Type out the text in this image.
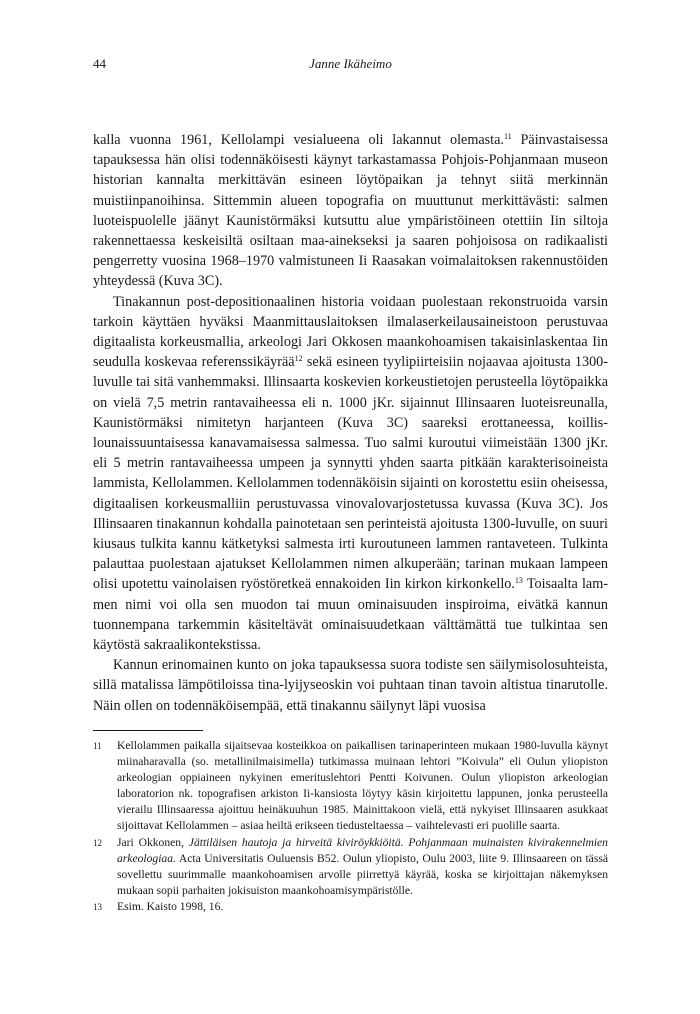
44	Janne Ikäheimo

kalla vuonna 1961, Kellolampi vesialueena oli lakannut olemasta.$^{11}$ Päinvastaisessa tapauksessa hän olisi todennäköisesti käynyt tarkastamassa Pohjois-Pohjanmaan museon historian kannalta merkittävän esineen löytöpaikan ja tehnyt siitä merkinnän muistiinpanoihinsa. Sittemmin alueen topografia on muuttunut merkittävästi: salmen luoteispuolelle jäänyt Kaunistörmäksi kutsuttu alue ympäristöineen otettiin Iin siltoja rakennettaessa keskeisiltä osiltaan maa-ainekseksi ja saaren pohjoisosa on radikaalisti pengerretty vuosina 1968–1970 valmistuneen Ii Raasakan voimalaitoksen rakennustöiden yhteydessä (Kuva 3C).

Tinakannun post-depositionaalinen historia voidaan puolestaan rekonstruoida varsin tarkoin käyttäen hyväksi Maanmittauslaitoksen ilmalaserkeilausaineistoon perustuvaa digitaalista korkeusmallia, arkeologi Jari Okkosen maankohoamisen takaisinlaskentaa Iin seudulla koskevaa referenssikäyrää$^{12}$ sekä esineen tyylipiirteisiin nojaavaa ajoitusta 1300-luvulle tai sitä vanhemmaksi. Illinsaarta koskevien korkeustietojen perusteella löytöpaikka on vielä 7,5 metrin rantavaiheessa eli n. 1000 jKr. sijainnut Illinsaaren luoteisreunalla, Kaunistörmäksi nimitetyn harjanteen (Kuva 3C) saareksi erottaneessa, koillis-lounaissuuntaisessa kanavamaisessa salmessa. Tuo salmi kuroutui viimeistään 1300 jKr. eli 5 metrin rantavaiheessa umpeen ja synnytti yhden saarta pitkään karakterisoineista lammista, Kellolammen. Kellolammen todennäköisin sijainti on korostettu esiin oheisessa, digitaalisen korkeusmalliin perustuvassa vinovalovarjostetussa kuvassa (Kuva 3C). Jos Illinsaaren tinakannun kohdalla painotetaan sen perinteistä ajoitusta 1300-luvulle, on suuri kiusaus tulkita kannu kätketyksi salmesta irti kuroutuneen lammen rantaveteen. Tulkinta palauttaa puolestaan ajatukset Kellolammen nimen alkuperään; tarinan mukaan lampeen olisi upotettu vainolaisen ryöstöretkeä ennakoiden Iin kirkon kirkonkello.$^{13}$ Toisaalta lammen nimi voi olla sen muodon tai muun ominaisuuden inspiroima, eivätkä kannun tuonnempana tarkemmin käsiteltävät ominaisuudetkaan välttämättä tue tulkintaa sen käytöstä sakraalikontekstissa.

Kannun erinomainen kunto on joka tapauksessa suora todiste sen säilymisolosuhteista, sillä matalissa lämpötiloissa tina-lyijyseoskin voi puhtaan tinan tavoin altistua tinarutolle. Näin ollen on todennäköisempää, että tinakannu säilynyt läpi vuosisa

11 Kellolammen paikalla sijaitsevaa kosteikkoa on paikallisen tarinaperinteen mukaan 1980-luvulla käynyt miinaharavalla (so. metallinilmaisimella) tutkimassa muinaan lehtori ”Koivula” eli Oulun yliopiston arkeologian oppiaineen nykyinen emerituslehtori Pentti Koivunen. Oulun yliopiston arkeologian laboratorion nk. topografisen arkiston Ii-kansiosta löytyy käsin kirjoitettu lappunen, jonka perusteella vierailu Illinsaaressa ajoittuu heinäkuuhun 1985. Mainittakoon vielä, että nykyiset Illinsaaren asukkaat sijoittavat Kellolammen – asiaa heiltä erikseen tiedusteltaessa – vaihtelevasti eri puolille saarta.
12 Jari Okkonen, Jättiläisen hautoja ja hirveitä kiviröykkiöitä. Pohjanmaan muinaisten kivirakennelmien arkeologiaa. Acta Universitatis Ouluensis B52. Oulun yliopisto, Oulu 2003, liite 9. Illinsaareen on tässä sovellettu suurimmalle maankohoamisen arvolle piirrettyä käyrää, koska se kirjoittajan näkemyksen mukaan sopii parhaiten jokisuiston maankohoamisympäristölle.
13 Esim. Kaisto 1998, 16.
